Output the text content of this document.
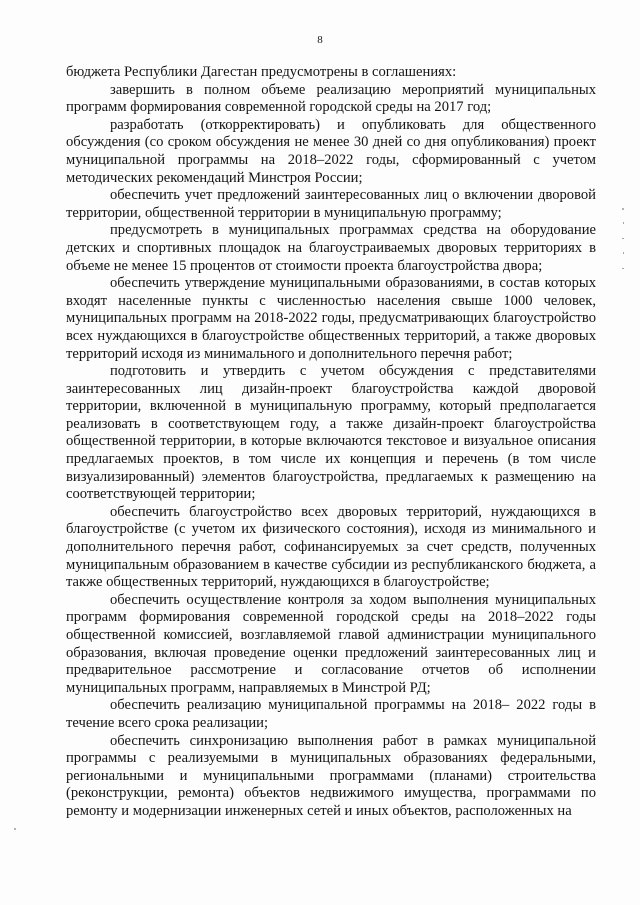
8

бюджета Республики Дагестан предусмотрены в соглашениях:

завершить в полном объеме реализацию мероприятий муниципальных программ формирования современной городской среды на 2017 год;

разработать (откорректировать) и опубликовать для общественного обсуждения (со сроком обсуждения не менее 30 дней со дня опубликования) проект муниципальной программы на 2018–2022 годы, сформированный с учетом методических рекомендаций Минстроя России;

обеспечить учет предложений заинтересованных лиц о включении дворовой территории, общественной территории в муниципальную программу;

предусмотреть в муниципальных программах средства на оборудование детских и спортивных площадок на благоустраиваемых дворовых территориях в объеме не менее 15 процентов от стоимости проекта благоустройства двора;

обеспечить утверждение муниципальными образованиями, в состав которых входят населенные пункты с численностью населения свыше 1000 человек, муниципальных программ на 2018-2022 годы, предусматривающих благоустройство всех нуждающихся в благоустройстве общественных территорий, а также дворовых территорий исходя из минимального и дополнительного перечня работ;

подготовить и утвердить с учетом обсуждения с представителями заинтересованных лиц дизайн-проект благоустройства каждой дворовой территории, включенной в муниципальную программу, который предполагается реализовать в соответствующем году, а также дизайн-проект благоустройства общественной территории, в которые включаются текстовое и визуальное описания предлагаемых проектов, в том числе их концепция и перечень (в том числе визуализированный) элементов благоустройства, предлагаемых к размещению на соответствующей территории;

обеспечить благоустройство всех дворовых территорий, нуждающихся в благоустройстве (с учетом их физического состояния), исходя из минимального и дополнительного перечня работ, софинансируемых за счет средств, полученных муниципальным образованием в качестве субсидии из республиканского бюджета, а также общественных территорий, нуждающихся в благоустройстве;

обеспечить осуществление контроля за ходом выполнения муниципальных программ формирования современной городской среды на 2018–2022 годы общественной комиссией, возглавляемой главой администрации муниципального образования, включая проведение оценки предложений заинтересованных лиц и предварительное рассмотрение и согласование отчетов об исполнении муниципальных программ, направляемых в Минстрой РД;

обеспечить реализацию муниципальной программы на 2018– 2022 годы в течение всего срока реализации;

обеспечить синхронизацию выполнения работ в рамках муниципальной программы с реализуемыми в муниципальных образованиях федеральными, региональными и муниципальными программами (планами) строительства (реконструкции, ремонта) объектов недвижимого имущества, программами по ремонту и модернизации инженерных сетей и иных объектов, расположенных на
